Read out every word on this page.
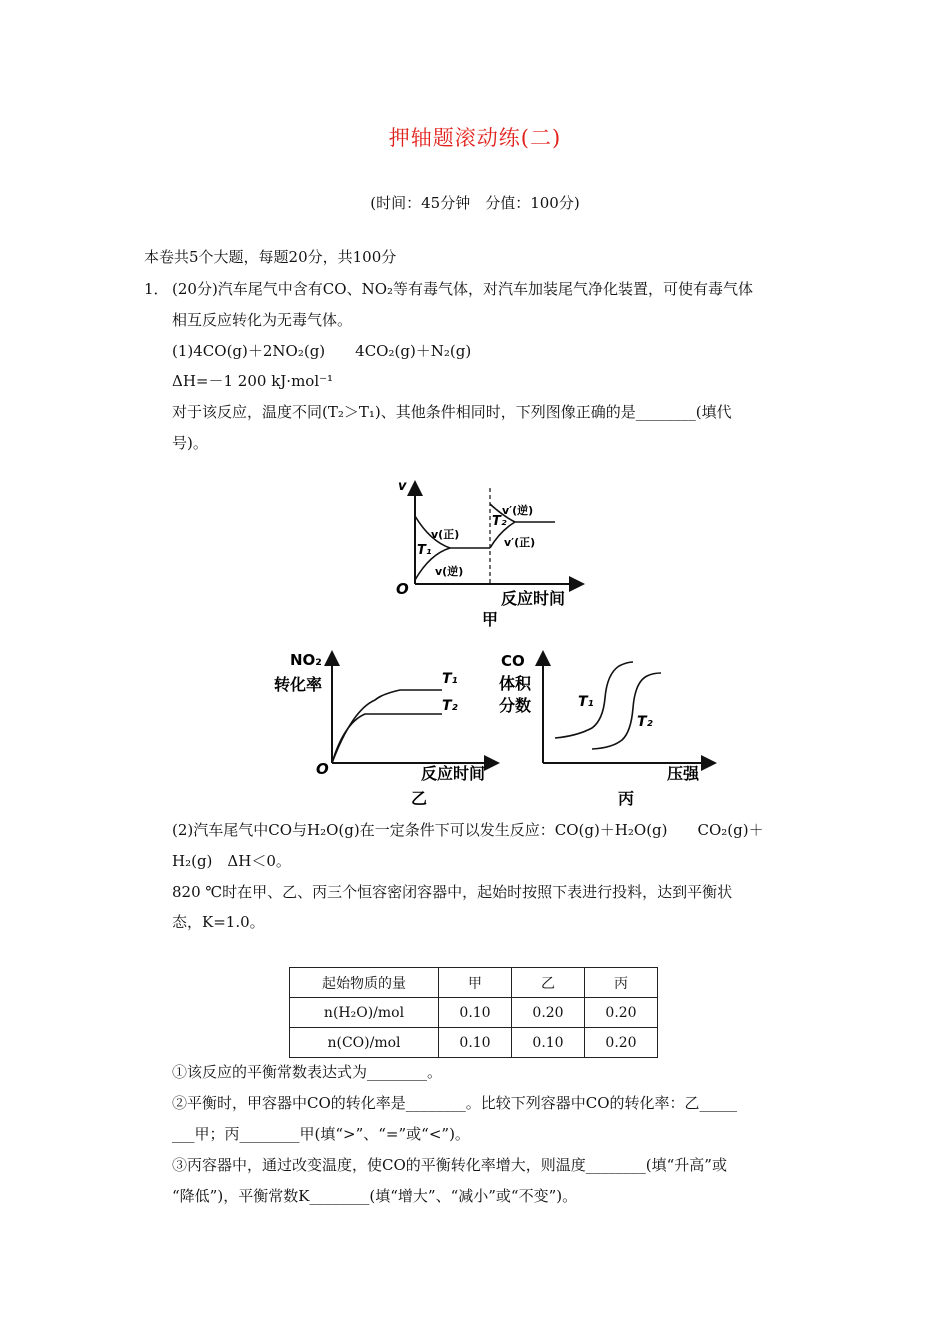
押轴题滚动练(二)
(时间：45分钟　分值：100分)
本卷共5个大题，每题20分，共100分
1． (20分)汽车尾气中含有CO、NO₂等有毒气体，对汽车加装尾气净化装置，可使有毒气体
相互反应转化为无毒气体。
(1)4CO(g)＋2NO₂(g)　　4CO₂(g)＋N₂(g)
ΔH=－1 200 kJ·mol⁻¹
对于该反应，温度不同(T₂＞T₁)、其他条件相同时，下列图像正确的是________(填代
号)。
v
O	反应时间
甲
v(正)
v(逆)
T₁
T₂
v′(逆)
v′(正)
NO₂
转化率
O	反应时间
乙
T₁
T₂
CO
体积
分数
压强
丙
T₁
T₂
(2)汽车尾气中CO与H₂O(g)在一定条件下可以发生反应：CO(g)＋H₂O(g)　　CO₂(g)＋
H₂(g)　ΔH＜0。
820 ℃时在甲、乙、丙三个恒容密闭容器中，起始时按照下表进行投料，达到平衡状
态，K=1.0。
起始物质的量	甲	乙	丙
n(H₂O)/mol	0.10	0.20	0.20
n(CO)/mol	0.10	0.10	0.20
①该反应的平衡常数表达式为________。
②平衡时，甲容器中CO的转化率是________。比较下列容器中CO的转化率：乙_____
___甲；丙________甲(填“>”、“=”或“<”)。
③丙容器中，通过改变温度，使CO的平衡转化率增大，则温度________(填“升高”或
“降低”)，平衡常数K________(填“增大”、“减小”或“不变”)。
